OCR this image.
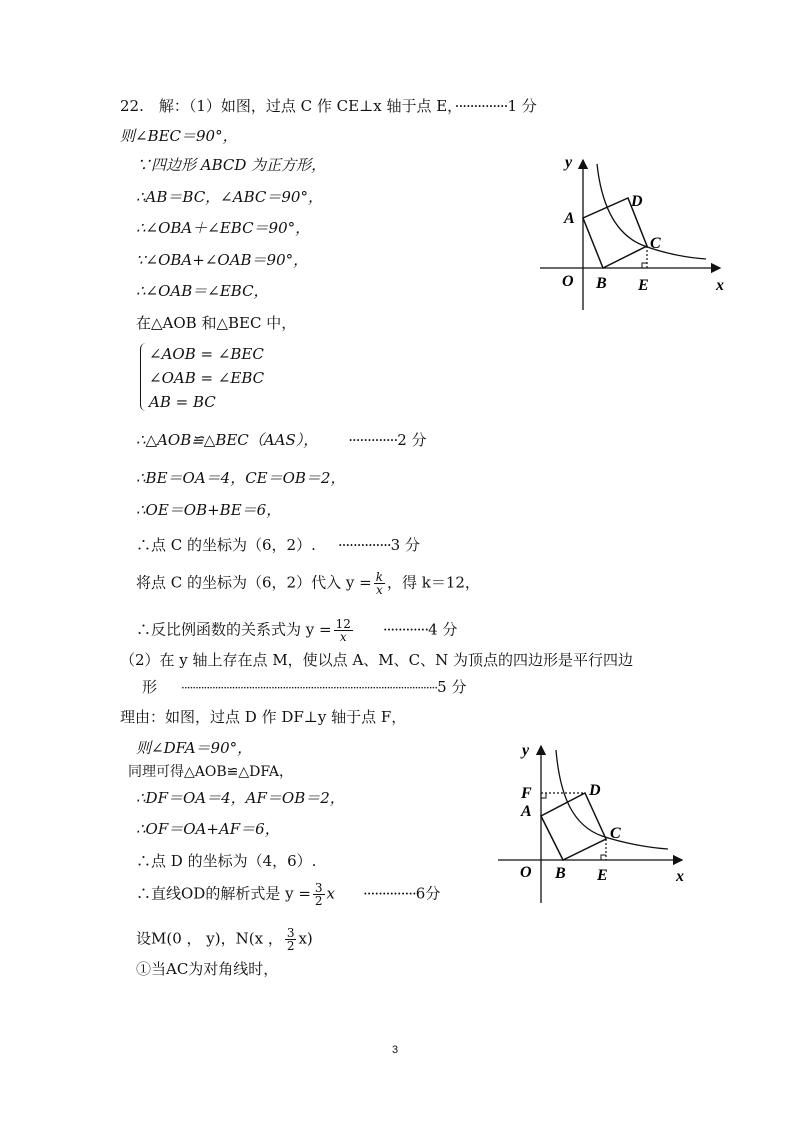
22.　解：（1）如图，过点 C 作 CE⊥x 轴于点 E，··············1 分
则∠BEC＝90°，
∵四边形 ABCD 为正方形，
∴AB＝BC，∠ABC＝90°，
∴∠OBA＋∠EBC＝90°，
∵∠OBA+∠OAB＝90°，
∴∠OAB＝∠EBC，
在△AOB 和△BEC 中，
∠AOB = ∠BEC
∠OAB = ∠EBC
AB = BC
∴△AOB≌△BEC（AAS）， ·············2 分
∴BE＝OA＝4，CE＝OB＝2，
∴OE＝OB+BE＝6，
∴点 C 的坐标为（6，2）. ··············3 分
将点 C 的坐标为（6，2）代入 $y = \frac{k}{x}$ ，得 k＝12，
∴反比例函数的关系式为 $y = \frac{12}{x} \cdot\cdot\cdot\cdot\cdot\cdot\cdot\cdot\cdot\cdot\cdot\cdot 4$ 分
（2）在 y 轴上存在点 M，使以点 A、M、C、N 为顶点的四边形是平行四边
形 ···························································································5 分
理由：如图，过点 D 作 DF⊥y 轴于点 F，
则∠DFA＝90°，
同理可得△AOB≌△DFA，
∴DF＝OA＝4，AF＝OB＝2，
∴OF＝OA+AF＝6，
∴点 D 的坐标为（4，6）.
∴直线OD的解析式是 $y = \frac{3}{2}$ x ··············6分
设M(0 ， y)，N(x ， $\frac{3}{2} x$)
①当AC为对角线时，
y
x
O
A
B
C
D
E
y
x
O
F
A
B
C
D
E
3
